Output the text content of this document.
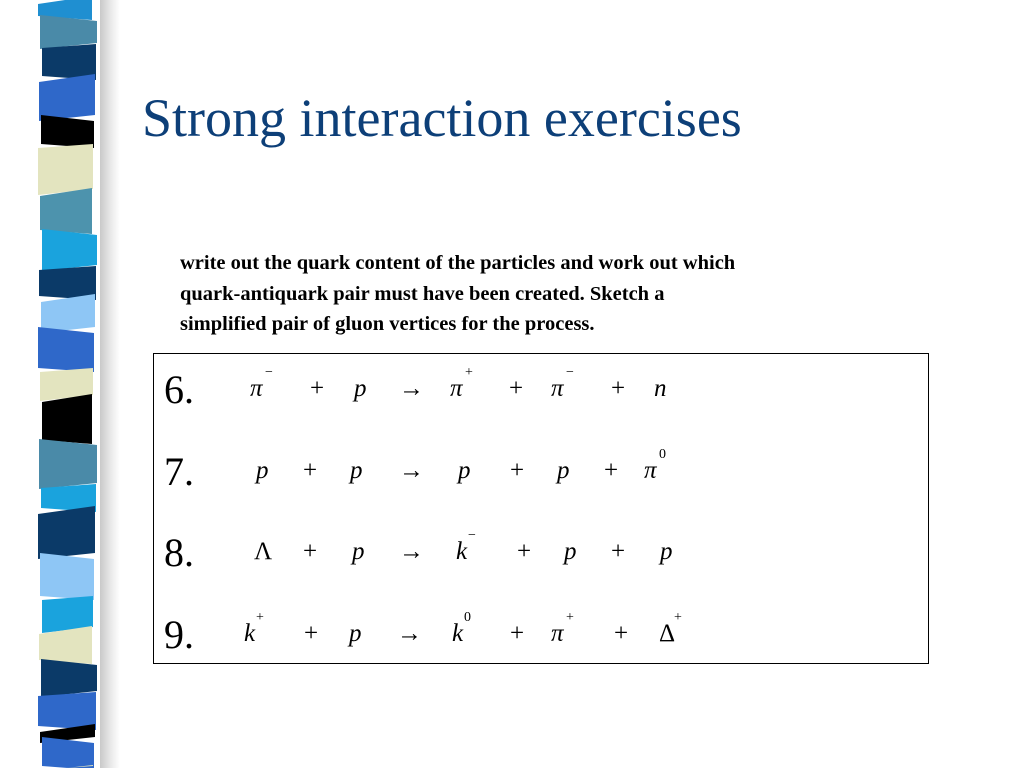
Strong interaction exercises

write out the quark content of the particles and work out which
quark-antiquark pair must have been created. Sketch a
simplified pair of gluon vertices for the process.

6. π
−
+ p → π
+
+ π
−
+ n
7. p + p → p + p + π
0
8. Λ + p → k
−
+ p + p
9. k
+
+ p → k
0
+ π
+
+ Δ
+
